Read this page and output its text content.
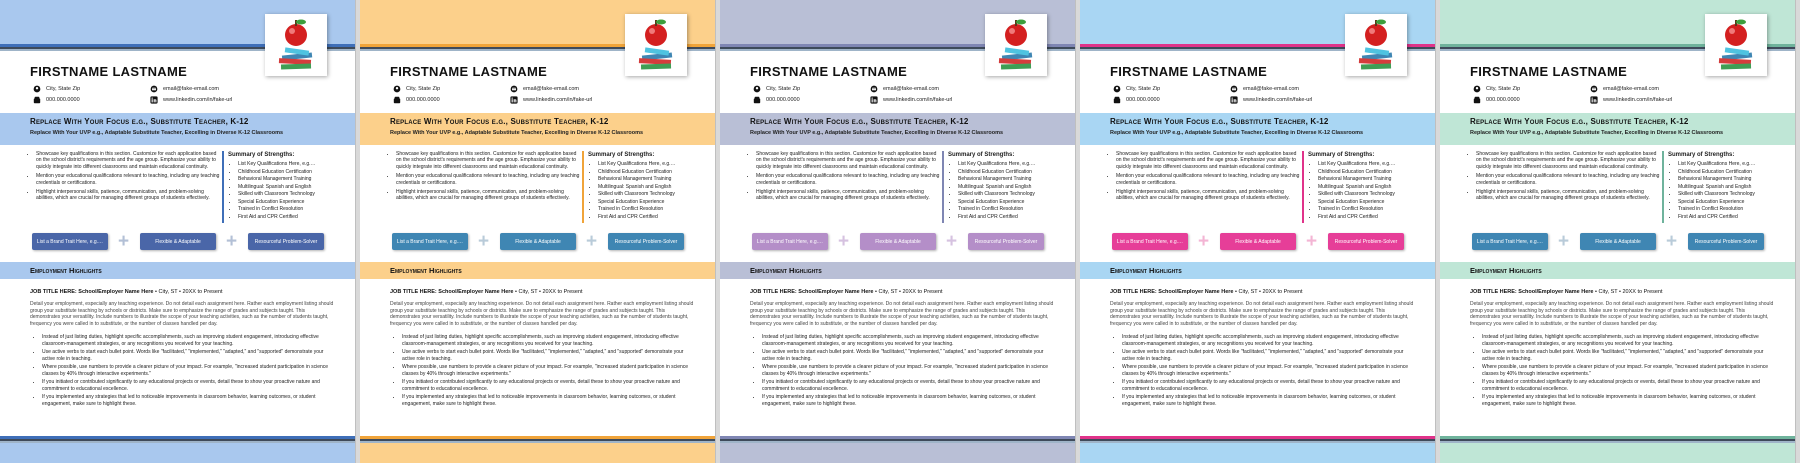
FIRSTNAME LASTNAME
City, State Zip
000.000.0000
email@fake-email.com
www.linkedin.com/in/fake-url
Replace With Your Focus e.g., Substitute Teacher, K-12
Replace With Your UVP e.g., Adaptable Substitute Teacher, Excelling in Diverse K-12 Classrooms
• Showcase key qualifications in this section. Customize for each application based on the school district's requirements and the age group. Emphasize your ability to quickly integrate into different classrooms and maintain educational continuity.
• Mention your educational qualifications relevant to teaching, including any teaching credentials or certifications.
• Highlight interpersonal skills, patience, communication, and problem-solving abilities, which are crucial for managing different groups of students effectively.
Summary of Strengths:
• List Key Qualifications Here, e.g.…
• Childhood Education Certification
• Behavioral Management Training
• Multilingual: Spanish and English
• Skilled with Classroom Technology
• Special Education Experience
• Trained in Conflict Resolution
• First Aid and CPR Certified
List a Brand Trait Here, e.g.… +	Flexible & Adaptable	+	Resourceful Problem-Solver
Employment Highlights
JOB TITLE HERE: School/Employer Name Here • City, ST • 20XX to Present
Detail your employment, especially any teaching experience. Do not detail each assignment here. Rather each employment listing should group your substitute teaching by schools or districts. Make sure to emphasize the range of grades and subjects taught. This demonstrates your versatility. Include numbers to illustrate the scope of your teaching activities, such as the number of students taught, frequency you were called in to substitute, or the number of classes handled per day.
• Instead of just listing duties, highlight specific accomplishments, such as improving student engagement, introducing effective classroom-management strategies, or any recognitions you received for your teaching.
• Use active verbs to start each bullet point. Words like "facilitated," "implemented," "adapted," and "supported" demonstrate your active role in teaching.
• Where possible, use numbers to provide a clearer picture of your impact. For example, "increased student participation in science classes by 40% through interactive experiments."
• If you initiated or contributed significantly to any educational projects or events, detail these to show your proactive nature and commitment to educational excellence.
• If you implemented any strategies that led to noticeable improvements in classroom behavior, learning outcomes, or student engagement, make sure to highlight these.
FIRSTNAME LASTNAME
City, State Zip
000.000.0000
email@fake-email.com
www.linkedin.com/in/fake-url
Replace With Your Focus e.g., Substitute Teacher, K-12
Replace With Your UVP e.g., Adaptable Substitute Teacher, Excelling in Diverse K-12 Classrooms
• Showcase key qualifications in this section. Customize for each application based on the school district's requirements and the age group. Emphasize your ability to quickly integrate into different classrooms and maintain educational continuity.
• Mention your educational qualifications relevant to teaching, including any teaching credentials or certifications.
• Highlight interpersonal skills, patience, communication, and problem-solving abilities, which are crucial for managing different groups of students effectively.
Summary of Strengths:
• List Key Qualifications Here, e.g.…
• Childhood Education Certification
• Behavioral Management Training
• Multilingual: Spanish and English
• Skilled with Classroom Technology
• Special Education Experience
• Trained in Conflict Resolution
• First Aid and CPR Certified
List a Brand Trait Here, e.g.… +	Flexible & Adaptable	+	Resourceful Problem-Solver
Employment Highlights
JOB TITLE HERE: School/Employer Name Here • City, ST • 20XX to Present
Detail your employment, especially any teaching experience. Do not detail each assignment here. Rather each employment listing should group your substitute teaching by schools or districts. Make sure to emphasize the range of grades and subjects taught. This demonstrates your versatility. Include numbers to illustrate the scope of your teaching activities, such as the number of students taught, frequency you were called in to substitute, or the number of classes handled per day.
• Instead of just listing duties, highlight specific accomplishments, such as improving student engagement, introducing effective classroom-management strategies, or any recognitions you received for your teaching.
• Use active verbs to start each bullet point. Words like "facilitated," "implemented," "adapted," and "supported" demonstrate your active role in teaching.
• Where possible, use numbers to provide a clearer picture of your impact. For example, "increased student participation in science classes by 40% through interactive experiments."
• If you initiated or contributed significantly to any educational projects or events, detail these to show your proactive nature and commitment to educational excellence.
• If you implemented any strategies that led to noticeable improvements in classroom behavior, learning outcomes, or student engagement, make sure to highlight these.
FIRSTNAME LASTNAME
City, State Zip
000.000.0000
email@fake-email.com
www.linkedin.com/in/fake-url
Replace With Your Focus e.g., Substitute Teacher, K-12
Replace With Your UVP e.g., Adaptable Substitute Teacher, Excelling in Diverse K-12 Classrooms
• Showcase key qualifications in this section. Customize for each application based on the school district's requirements and the age group. Emphasize your ability to quickly integrate into different classrooms and maintain educational continuity.
• Mention your educational qualifications relevant to teaching, including any teaching credentials or certifications.
• Highlight interpersonal skills, patience, communication, and problem-solving abilities, which are crucial for managing different groups of students effectively.
Summary of Strengths:
• List Key Qualifications Here, e.g.…
• Childhood Education Certification
• Behavioral Management Training
• Multilingual: Spanish and English
• Skilled with Classroom Technology
• Special Education Experience
• Trained in Conflict Resolution
• First Aid and CPR Certified
List a Brand Trait Here, e.g.… +	Flexible & Adaptable	+	Resourceful Problem-Solver
Employment Highlights
JOB TITLE HERE: School/Employer Name Here • City, ST • 20XX to Present
Detail your employment, especially any teaching experience. Do not detail each assignment here. Rather each employment listing should group your substitute teaching by schools or districts. Make sure to emphasize the range of grades and subjects taught. This demonstrates your versatility. Include numbers to illustrate the scope of your teaching activities, such as the number of students taught, frequency you were called in to substitute, or the number of classes handled per day.
• Instead of just listing duties, highlight specific accomplishments, such as improving student engagement, introducing effective classroom-management strategies, or any recognitions you received for your teaching.
• Use active verbs to start each bullet point. Words like "facilitated," "implemented," "adapted," and "supported" demonstrate your active role in teaching.
• Where possible, use numbers to provide a clearer picture of your impact. For example, "increased student participation in science classes by 40% through interactive experiments."
• If you initiated or contributed significantly to any educational projects or events, detail these to show your proactive nature and commitment to educational excellence.
• If you implemented any strategies that led to noticeable improvements in classroom behavior, learning outcomes, or student engagement, make sure to highlight these.
FIRSTNAME LASTNAME
City, State Zip
000.000.0000
email@fake-email.com
www.linkedin.com/in/fake-url
Replace With Your Focus e.g., Substitute Teacher, K-12
Replace With Your UVP e.g., Adaptable Substitute Teacher, Excelling in Diverse K-12 Classrooms
• Showcase key qualifications in this section. Customize for each application based on the school district's requirements and the age group. Emphasize your ability to quickly integrate into different classrooms and maintain educational continuity.
• Mention your educational qualifications relevant to teaching, including any teaching credentials or certifications.
• Highlight interpersonal skills, patience, communication, and problem-solving abilities, which are crucial for managing different groups of students effectively.
Summary of Strengths:
• List Key Qualifications Here, e.g.…
• Childhood Education Certification
• Behavioral Management Training
• Multilingual: Spanish and English
• Skilled with Classroom Technology
• Special Education Experience
• Trained in Conflict Resolution
• First Aid and CPR Certified
List a Brand Trait Here, e.g.… +	Flexible & Adaptable	+	Resourceful Problem-Solver
Employment Highlights
JOB TITLE HERE: School/Employer Name Here • City, ST • 20XX to Present
Detail your employment, especially any teaching experience. Do not detail each assignment here. Rather each employment listing should group your substitute teaching by schools or districts. Make sure to emphasize the range of grades and subjects taught. This demonstrates your versatility. Include numbers to illustrate the scope of your teaching activities, such as the number of students taught, frequency you were called in to substitute, or the number of classes handled per day.
• Instead of just listing duties, highlight specific accomplishments, such as improving student engagement, introducing effective classroom-management strategies, or any recognitions you received for your teaching.
• Use active verbs to start each bullet point. Words like "facilitated," "implemented," "adapted," and "supported" demonstrate your active role in teaching.
• Where possible, use numbers to provide a clearer picture of your impact. For example, "increased student participation in science classes by 40% through interactive experiments."
• If you initiated or contributed significantly to any educational projects or events, detail these to show your proactive nature and commitment to educational excellence.
• If you implemented any strategies that led to noticeable improvements in classroom behavior, learning outcomes, or student engagement, make sure to highlight these.
FIRSTNAME LASTNAME
City, State Zip
000.000.0000
email@fake-email.com
www.linkedin.com/in/fake-url
Replace With Your Focus e.g., Substitute Teacher, K-12
Replace With Your UVP e.g., Adaptable Substitute Teacher, Excelling in Diverse K-12 Classrooms
• Showcase key qualifications in this section. Customize for each application based on the school district's requirements and the age group. Emphasize your ability to quickly integrate into different classrooms and maintain educational continuity.
• Mention your educational qualifications relevant to teaching, including any teaching credentials or certifications.
• Highlight interpersonal skills, patience, communication, and problem-solving abilities, which are crucial for managing different groups of students effectively.
Summary of Strengths:
• List Key Qualifications Here, e.g.…
• Childhood Education Certification
• Behavioral Management Training
• Multilingual: Spanish and English
• Skilled with Classroom Technology
• Special Education Experience
• Trained in Conflict Resolution
• First Aid and CPR Certified
List a Brand Trait Here, e.g.… +	Flexible & Adaptable	+	Resourceful Problem-Solver
Employment Highlights
JOB TITLE HERE: School/Employer Name Here • City, ST • 20XX to Present
Detail your employment, especially any teaching experience. Do not detail each assignment here. Rather each employment listing should group your substitute teaching by schools or districts. Make sure to emphasize the range of grades and subjects taught. This demonstrates your versatility. Include numbers to illustrate the scope of your teaching activities, such as the number of students taught, frequency you were called in to substitute, or the number of classes handled per day.
• Instead of just listing duties, highlight specific accomplishments, such as improving student engagement, introducing effective classroom-management strategies, or any recognitions you received for your teaching.
• Use active verbs to start each bullet point. Words like "facilitated," "implemented," "adapted," and "supported" demonstrate your active role in teaching.
• Where possible, use numbers to provide a clearer picture of your impact. For example, "increased student participation in science classes by 40% through interactive experiments."
• If you initiated or contributed significantly to any educational projects or events, detail these to show your proactive nature and commitment to educational excellence.
• If you implemented any strategies that led to noticeable improvements in classroom behavior, learning outcomes, or student engagement, make sure to highlight these.
